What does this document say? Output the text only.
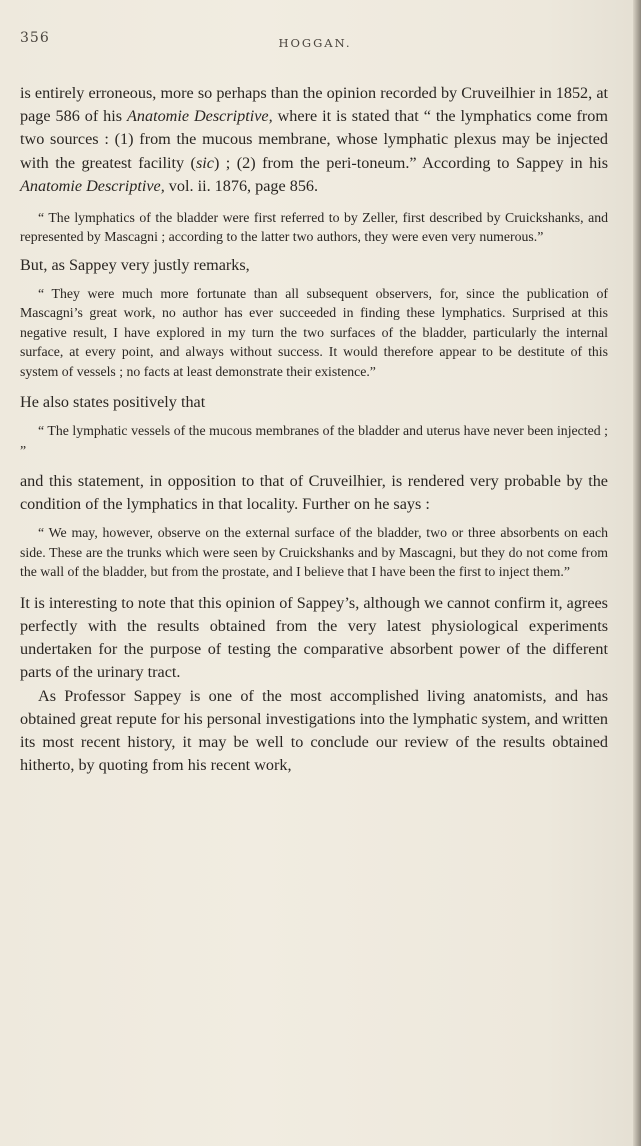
356	HOGGAN.

is entirely erroneous, more so perhaps than the opinion recorded by Cruveilhier in 1852, at page 586 of his Anatomie Descriptive, where it is stated that “ the lymphatics come from two sources : (1) from the mucous membrane, whose lymphatic plexus may be injected with the greatest facility (sic) ; (2) from the peri-toneum.” According to Sappey in his Anatomie Descriptive, vol. ii. 1876, page 856.

“ The lymphatics of the bladder were first referred to by Zeller, first described by Cruickshanks, and represented by Mascagni ; according to the latter two authors, they were even very numerous.”

But, as Sappey very justly remarks,

“ They were much more fortunate than all subsequent observers, for, since the publication of Mascagni’s great work, no author has ever succeeded in finding these lymphatics. Surprised at this negative result, I have explored in my turn the two surfaces of the bladder, particularly the internal surface, at every point, and always without success. It would therefore appear to be destitute of this system of vessels ; no facts at least demonstrate their existence.”

He also states positively that

“ The lymphatic vessels of the mucous membranes of the bladder and uterus have never been injected ; ”

and this statement, in opposition to that of Cruveilhier, is rendered very probable by the condition of the lymphatics in that locality. Further on he says :

“ We may, however, observe on the external surface of the bladder, two or three absorbents on each side. These are the trunks which were seen by Cruickshanks and by Mascagni, but they do not come from the wall of the bladder, but from the prostate, and I believe that I have been the first to inject them.”

It is interesting to note that this opinion of Sappey’s, although we cannot confirm it, agrees perfectly with the results obtained from the very latest physiological experiments undertaken for the purpose of testing the comparative absorbent power of the different parts of the urinary tract.

As Professor Sappey is one of the most accomplished living anatomists, and has obtained great repute for his personal investigations into the lymphatic system, and written its most recent history, it may be well to conclude our review of the results obtained hitherto, by quoting from his recent work,
